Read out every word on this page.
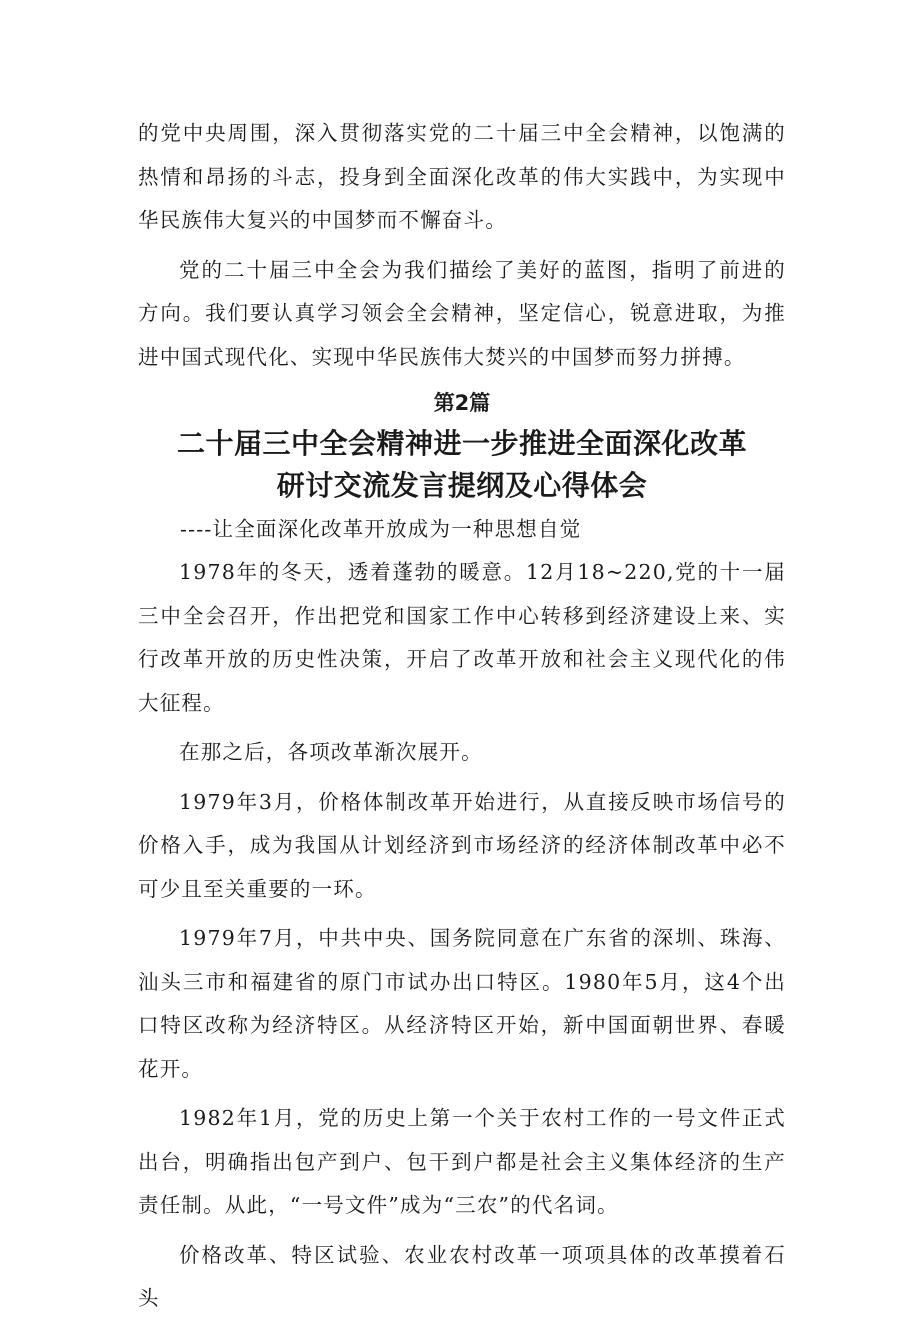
的党中央周围，深入贯彻落实党的二十届三中全会精神，以饱满的热情和昂扬的斗志，投身到全面深化改革的伟大实践中，为实现中华民族伟大复兴的中国梦而不懈奋斗。

党的二十届三中全会为我们描绘了美好的蓝图，指明了前进的方向。我们要认真学习领会全会精神，坚定信心，锐意进取，为推进中国式现代化、实现中华民族伟大焚兴的中国梦而努力拼搏。

第2篇
二十届三中全会精神进一步推进全面深化改革
研讨交流发言提纲及心得体会
----让全面深化改革开放成为一种思想自觉

1978年的冬天，透着蓬勃的暖意。12月18~220,党的十一届三中全会召开，作出把党和国家工作中心转移到经济建设上来、实行改革开放的历史性决策，开启了改革开放和社会主义现代化的伟大征程。

在那之后，各项改革渐次展开。

1979年3月，价格体制改革开始进行，从直接反映市场信号的价格入手，成为我国从计划经济到市场经济的经济体制改革中必不可少且至关重要的一环。

1979年7月，中共中央、国务院同意在广东省的深圳、珠海、汕头三市和福建省的原门市试办出口特区。1980年5月，这4个出口特区改称为经济特区。从经济特区开始，新中国面朝世界、春暖花开。

1982年1月，党的历史上第一个关于农村工作的一号文件正式出台，明确指出包产到户、包干到户都是社会主义集体经济的生产责任制。从此，“一号文件”成为“三农”的代名词。

价格改革、特区试验、农业农村改革一项项具体的改革摸着石头
